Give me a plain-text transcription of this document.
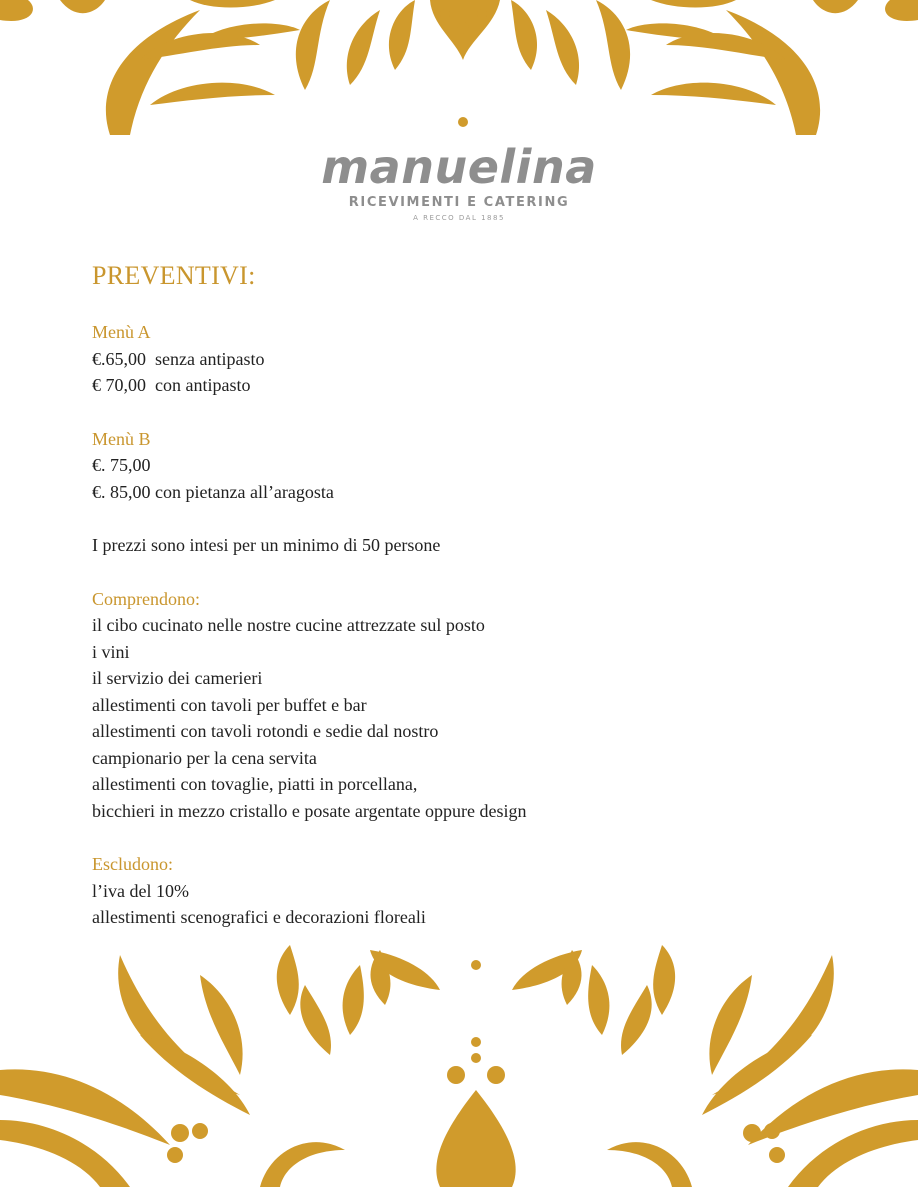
manuelina
RICEVIMENTI E CATERING
A RECCO DAL 1885

PREVENTIVI:

Menù A

€.65,00  senza antipasto

€ 70,00  con antipasto

Menù B

€. 75,00

€. 85,00 con pietanza all’aragosta

I prezzi sono intesi per un minimo di 50 persone

Comprendono:

il cibo cucinato nelle nostre cucine attrezzate sul posto

i vini

il servizio dei camerieri

allestimenti con tavoli per buffet e bar

allestimenti con tavoli rotondi e sedie dal nostro

campionario per la cena servita

allestimenti con tovaglie, piatti in porcellana,

bicchieri in mezzo cristallo e posate argentate oppure design

Escludono:

l’iva del 10%

allestimenti scenografici e decorazioni floreali
